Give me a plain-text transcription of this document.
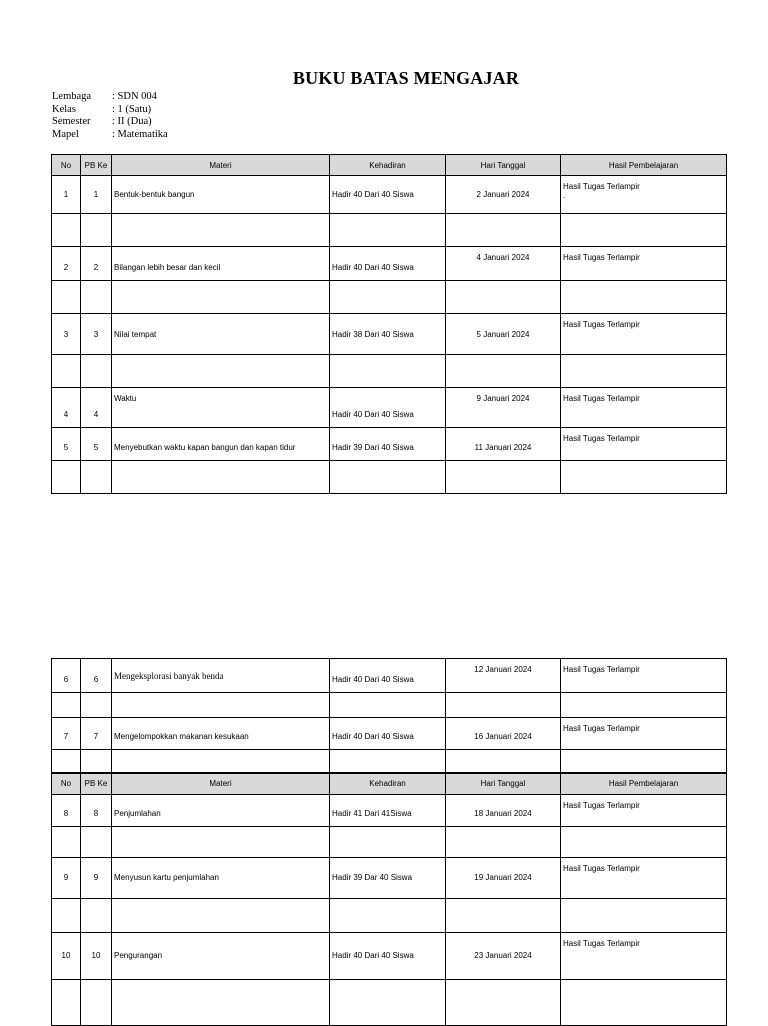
BUKU BATAS MENGAJAR
Lembaga	: SDN 004
Kelas	: 1 (Satu)
Semester	: II (Dua)
Mapel	: Matematika
No	PB Ke	Materi	Kehadiran	Hari Tanggal	Hasil Pembelajaran
1	1	Bentuk-bentuk bangun	Hadir 40 Dari 40 Siswa	2 Januari 2024	Hasil Tugas Terlampir
.

2	2	Bilangan lebih besar dan kecil	Hadir 40 Dari 40 Siswa	4 Januari 2024	Hasil Tugas Terlampir

3	3	Nilai tempat	Hadir 38 Dari 40 Siswa	5 Januari 2024	Hasil Tugas Terlampir

4	4	Waktu	Hadir 40 Dari 40 Siswa	9 Januari 2024	Hasil Tugas Terlampir
5	5	Menyebutkan waktu kapan bangun dan kapan tidur	Hadir 39 Dari 40 Siswa	11 Januari 2024	Hasil Tugas Terlampir

6	6	Mengeksplorasi banyak benda	Hadir 40 Dari 40 Siswa	12 Januari 2024	Hasil Tugas Terlampir

7	7	Mengelompokkan makanan kesukaan	Hadir 40 Dari 40 Siswa	16 Januari 2024	Hasil Tugas Terlampir

No	PB Ke	Materi	Kehadiran	Hari Tanggal	Hasil Pembelajaran
8	8	Penjumlahan	Hadir 41 Dari 41Siswa	18 Januari 2024	Hasil Tugas Terlampir

9	9	Menyusun kartu penjumlahan	Hadir 39 Dar 40 Siswa	19 Januari 2024	Hasil Tugas Terlampir

10	10	Pengurangan	Hadir 40 Dari 40 Siswa	23 Januari 2024	Hasil Tugas Terlampir
